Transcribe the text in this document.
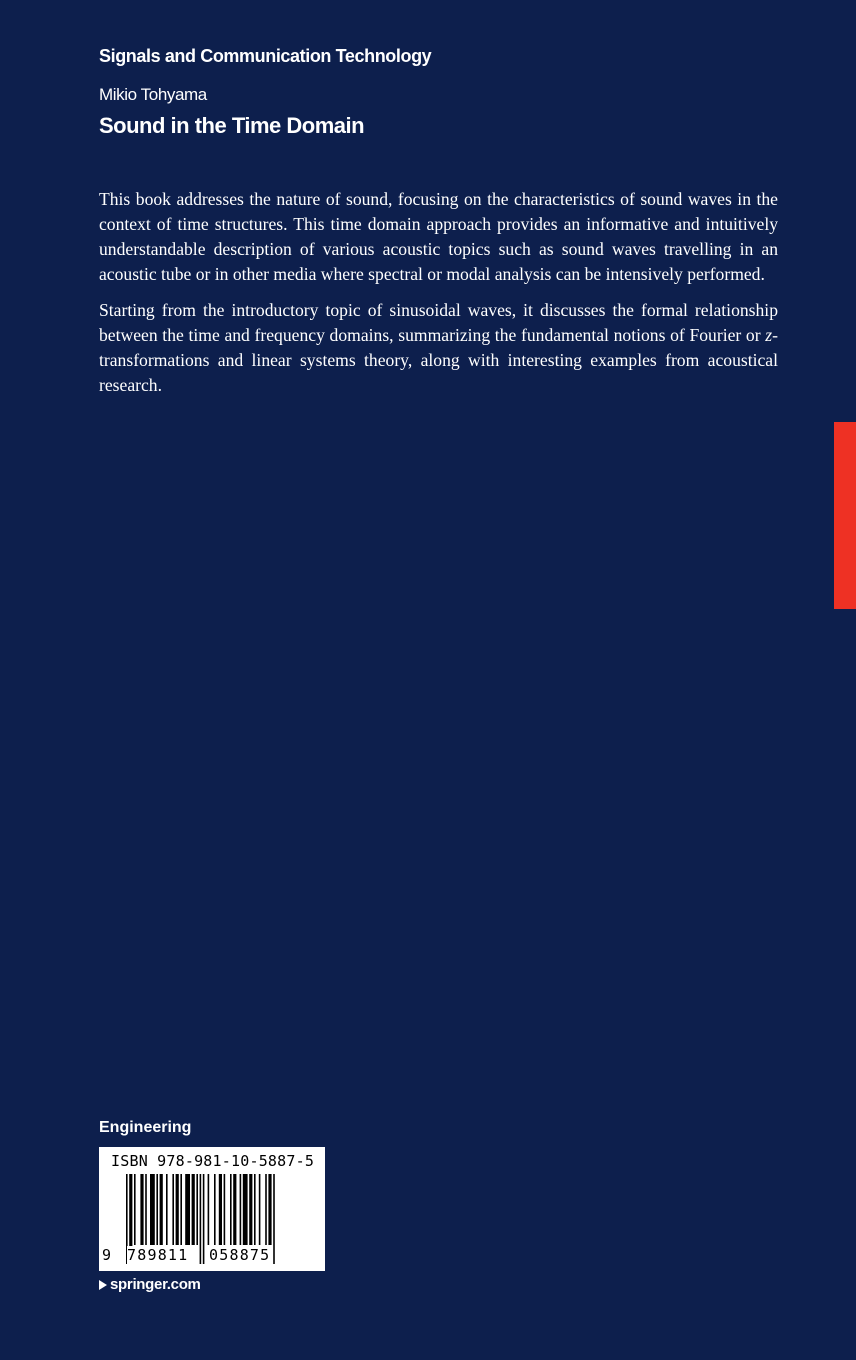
Signals and Communication Technology
Mikio Tohyama
Sound in the Time Domain

This book addresses the nature of sound, focusing on the characteristics of sound waves in the context of time structures. This time domain approach provides an informative and intuitively understandable description of various acoustic topics such as sound waves travelling in an acoustic tube or in other media where spectral or modal analysis can be intensively performed.

Starting from the introductory topic of sinusoidal waves, it discusses the formal relationship between the time and frequency domains, summarizing the fundamental notions of Fourier or z-transformations and linear systems theory, along with interesting examples from acoustical research.

Engineering
ISBN 978-981-10-5887-5
9 789811 058875
springer.com
